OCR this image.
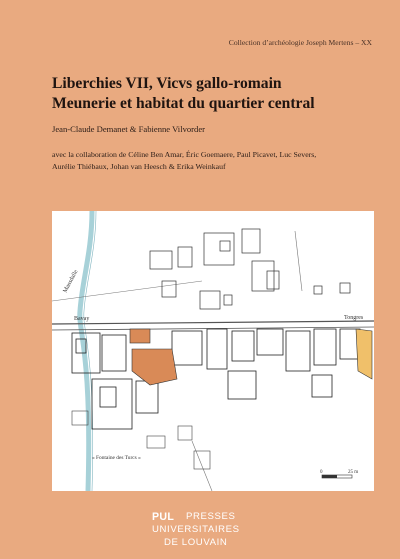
Collection d’archéologie Joseph Mertens – XX
Liberchies VII, Vicvs gallo-romain
Meunerie et habitat du quartier central
Jean-Claude Demanet & Fabienne Vilvorder
avec la collaboration de Céline Ben Amar, Éric Goemaere, Paul Picavet, Luc Severs,
Aurélie Thiébaux, Johan van Heesch & Erika Weinkauf
Mansdalle
Bavay	Tongres
« Fontaine des Turcs »
0	25 m
PUL PRESSES
UNIVERSITAIRES
DE LOUVAIN
